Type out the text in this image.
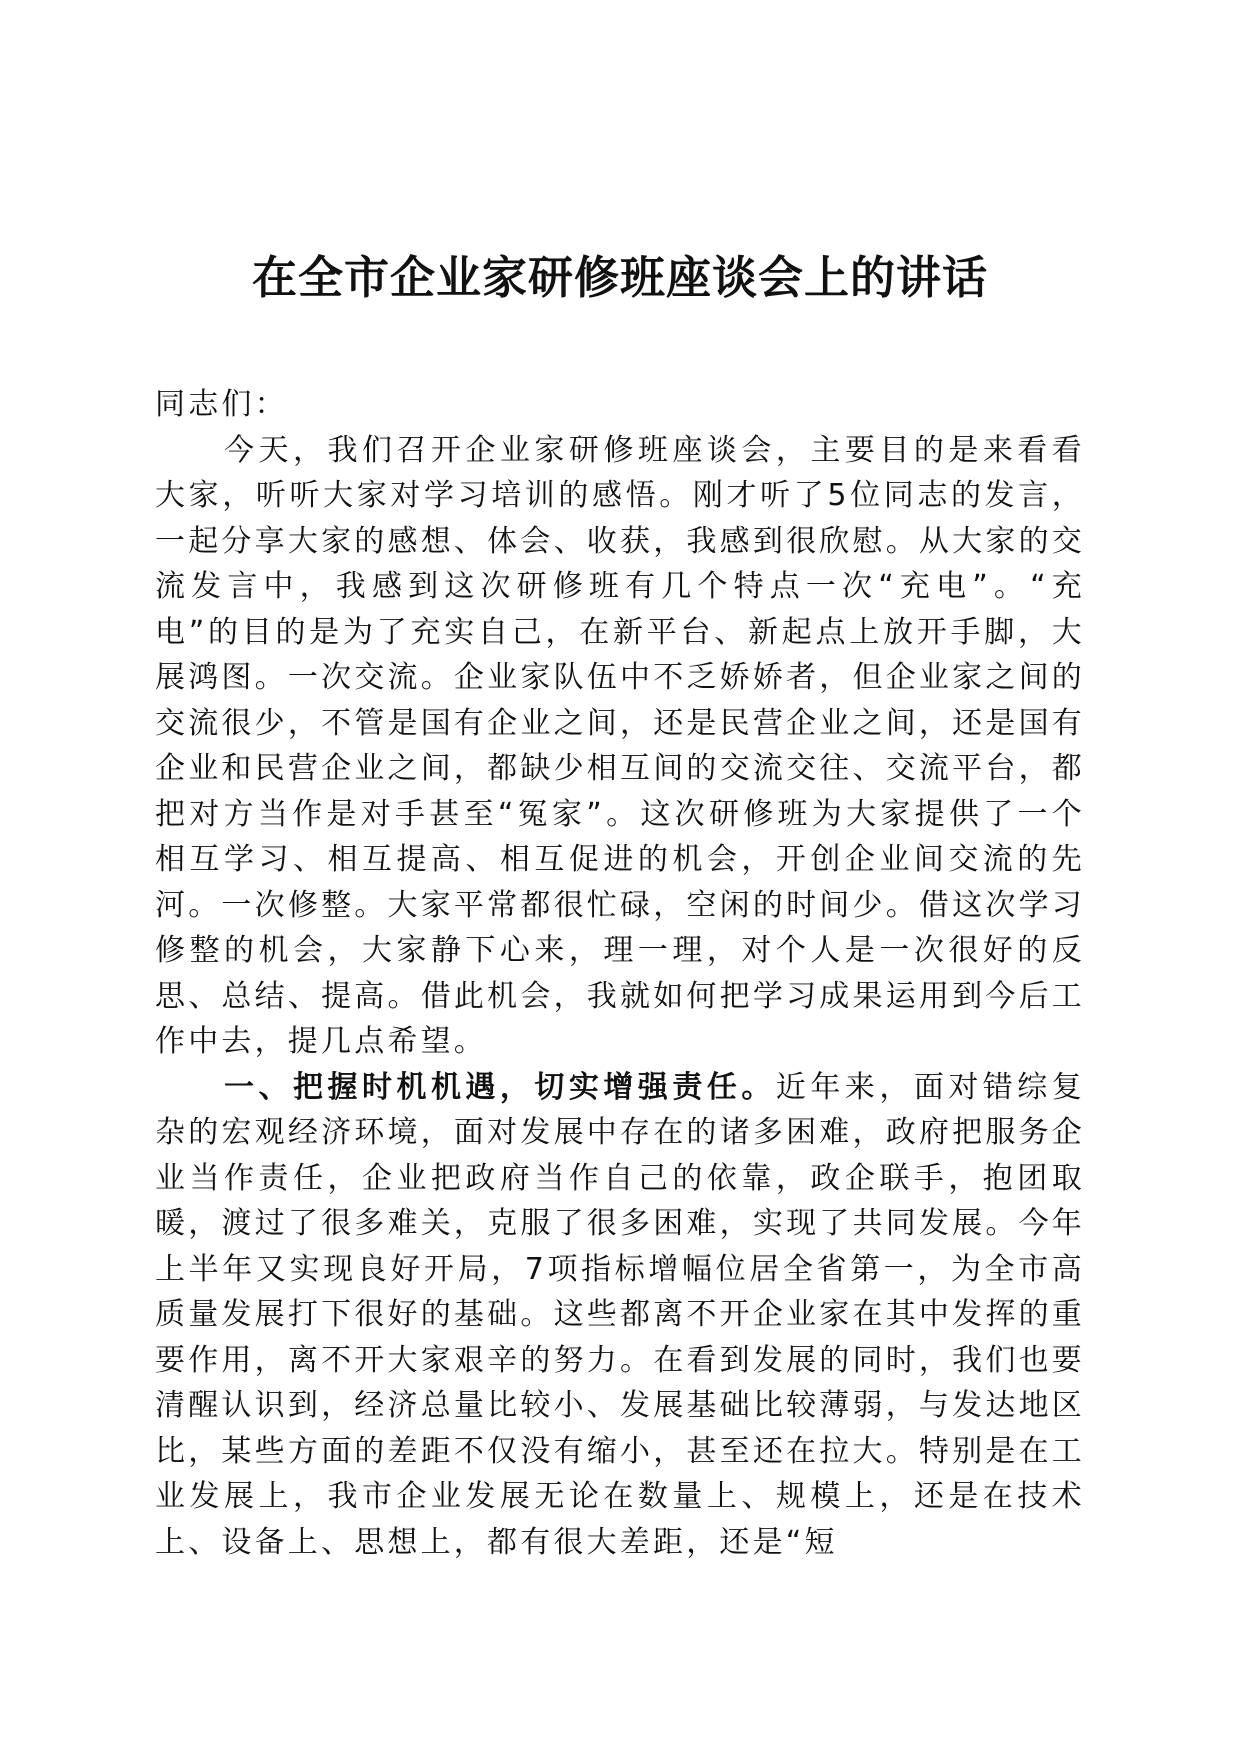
在全市企业家研修班座谈会上的讲话

同志们：

今天，我们召开企业家研修班座谈会，主要目的是来看看大家，听听大家对学习培训的感悟。刚才听了5位同志的发言，一起分享大家的感想、体会、收获，我感到很欣慰。从大家的交流发言中，我感到这次研修班有几个特点一次“充电”。“充电”的目的是为了充实自己，在新平台、新起点上放开手脚，大展鸿图。一次交流。企业家队伍中不乏娇娇者，但企业家之间的交流很少，不管是国有企业之间，还是民营企业之间，还是国有企业和民营企业之间，都缺少相互间的交流交往、交流平台，都把对方当作是对手甚至“冤家”。这次研修班为大家提供了一个相互学习、相互提高、相互促进的机会，开创企业间交流的先河。一次修整。大家平常都很忙碌，空闲的时间少。借这次学习修整的机会，大家静下心来，理一理，对个人是一次很好的反思、总结、提高。借此机会，我就如何把学习成果运用到今后工作中去，提几点希望。

一、把握时机机遇，切实增强责任。近年来，面对错综复杂的宏观经济环境，面对发展中存在的诸多困难，政府把服务企业当作责任，企业把政府当作自己的依靠，政企联手，抱团取暖，渡过了很多难关，克服了很多困难，实现了共同发展。今年上半年又实现良好开局，7项指标增幅位居全省第一，为全市高质量发展打下很好的基础。这些都离不开企业家在其中发挥的重要作用，离不开大家艰辛的努力。在看到发展的同时，我们也要清醒认识到，经济总量比较小、发展基础比较薄弱，与发达地区比，某些方面的差距不仅没有缩小，甚至还在拉大。特别是在工业发展上，我市企业发展无论在数量上、规模上，还是在技术上、设备上、思想上，都有很大差距，还是“短
